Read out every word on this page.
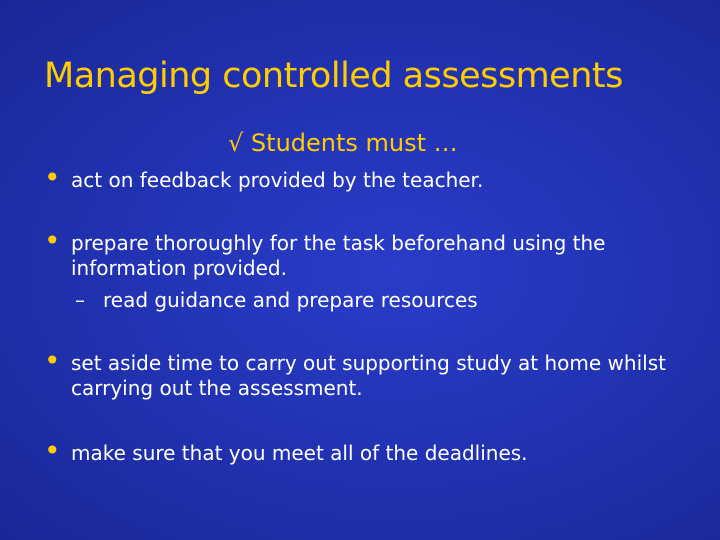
Managing controlled assessments
√ Students must …
• act on feedback provided by the teacher.
• prepare thoroughly for the task beforehand using the information provided.
– read guidance and prepare resources
• set aside time to carry out supporting study at home whilst carrying out the assessment.
• make sure that you meet all of the deadlines.
